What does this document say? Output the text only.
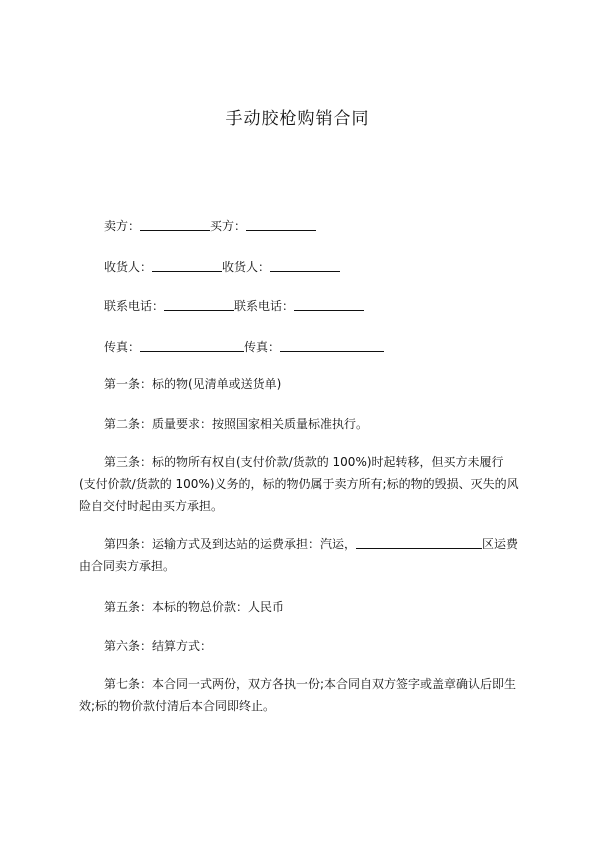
手动胶枪购销合同
卖方：	买方：
收货人：	收货人：
联系电话：	联系电话：
传真：	传真：
第一条：标的物(见清单或送货单)
第二条：质量要求：按照国家相关质量标准执行。
第三条：标的物所有权自(支付价款/货款的 100%)时起转移，但买方未履行(支付价款/货款的 100%)义务的，标的物仍属于卖方所有;标的物的毁损、灭失的风险自交付时起由买方承担。
第四条：运输方式及到达站的运费承担：汽运，	区运费由合同卖方承担。
第五条：本标的物总价款：人民币
第六条：结算方式：
第七条：本合同一式两份，双方各执一份;本合同自双方签字或盖章确认后即生效;标的物价款付清后本合同即终止。
